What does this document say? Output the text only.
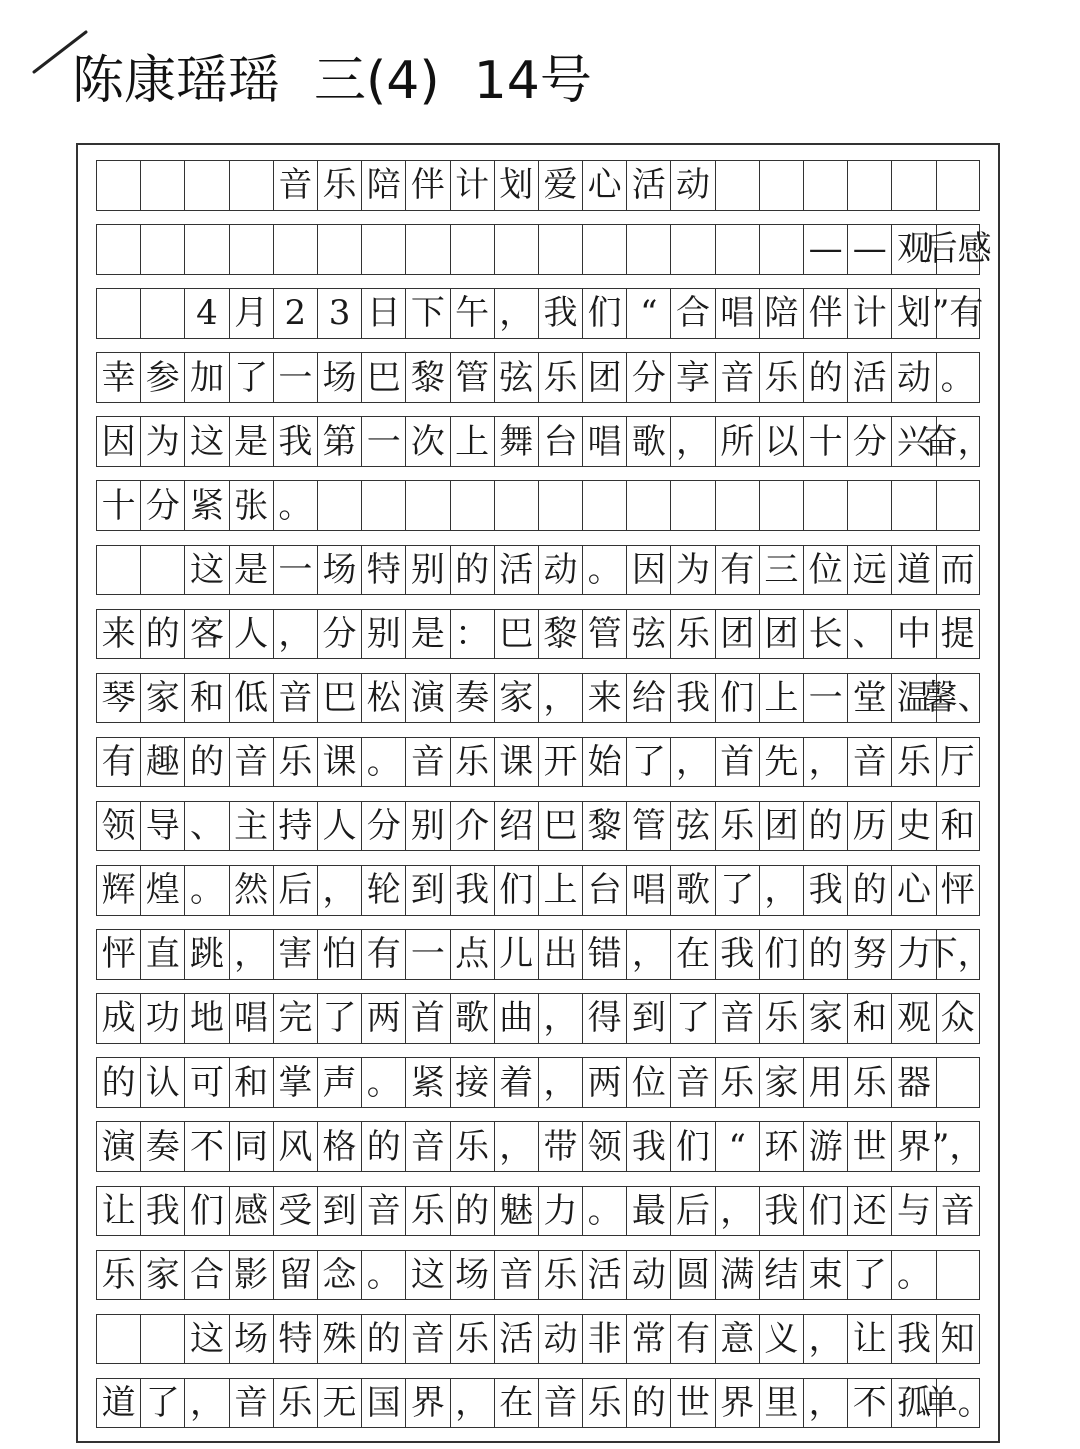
陈康瑶瑶 三(4) 14号
音 乐 陪 伴 计 划 爱 心 活 动
— — 观
后感
4 月 2 3 日 下 午 ， 我 们 “ 合 唱 陪 伴 计 划 ”有
幸 参 加 了 一 场 巴 黎 管 弦 乐 团 分 享 音 乐 的 活 动 。
因 为 这 是 我 第 一 次 上 舞 台 唱 歌 ， 所 以 十 分 兴
奋，
十 分 紧 张 。
这 是 一 场 特 别 的 活 动 。 因 为 有 三 位 远 道 而
来 的 客 人 ， 分 别 是 ： 巴 黎 管 弦 乐 团 团 长 、 中 提
琴 家 和 低 音 巴 松 演 奏 家 ， 来 给 我 们 上 一 堂 温
馨、
有 趣 的 音 乐 课 。 音 乐 课 开 始 了 ， 首 先 ， 音 乐 厅
领 导 、 主 持 人 分 别 介 绍 巴 黎 管 弦 乐 团 的 历 史 和
辉 煌 。 然 后 ， 轮 到 我 们 上 台 唱 歌 了 ， 我 的 心 怦
怦 直 跳 ， 害 怕 有 一 点 儿 出 错 ， 在 我 们 的 努 力
下，
成 功 地 唱 完 了 两 首 歌 曲 ， 得 到 了 音 乐 家 和 观 众
的 认 可 和 掌 声 。 紧 接 着 ， 两 位 音 乐 家 用 乐 器
演 奏 不 同 风 格 的 音 乐 ， 带 领 我 们 “ 环 游 世 界 ”，
让 我 们 感 受 到 音 乐 的 魅 力 。 最 后 ， 我 们 还 与 音
乐 家 合 影 留 念 。 这 场 音 乐 活 动 圆 满 结 束 了 。
这 场 特 殊 的 音 乐 活 动 非 常 有 意 义 ， 让 我 知
道 了 ， 音 乐 无 国 界 ， 在 音 乐 的 世 界 里 ， 不 孤
单。
